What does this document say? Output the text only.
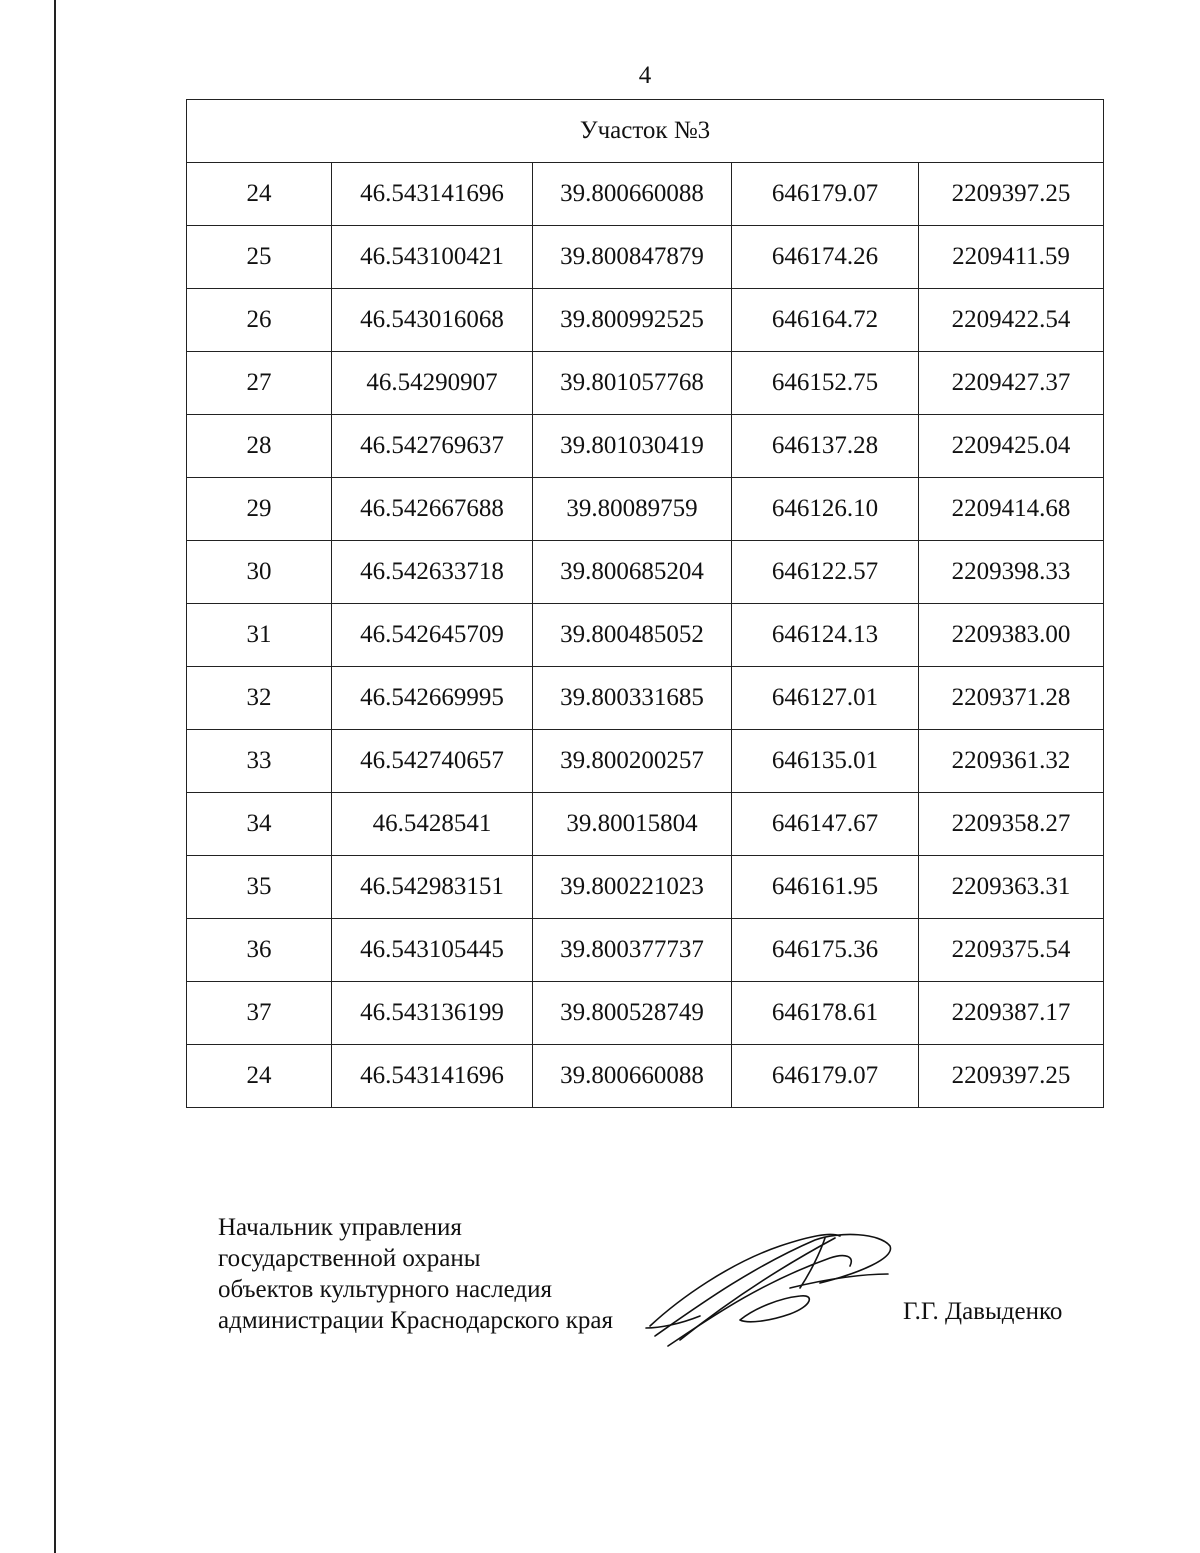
4
Участок №3				
24	46.543141696	39.800660088	646179.07	2209397.25
25	46.543100421	39.800847879	646174.26	2209411.59
26	46.543016068	39.800992525	646164.72	2209422.54
27	46.54290907	39.801057768	646152.75	2209427.37
28	46.542769637	39.801030419	646137.28	2209425.04
29	46.542667688	39.80089759	646126.10	2209414.68
30	46.542633718	39.800685204	646122.57	2209398.33
31	46.542645709	39.800485052	646124.13	2209383.00
32	46.542669995	39.800331685	646127.01	2209371.28
33	46.542740657	39.800200257	646135.01	2209361.32
34	46.5428541	39.80015804	646147.67	2209358.27
35	46.542983151	39.800221023	646161.95	2209363.31
36	46.543105445	39.800377737	646175.36	2209375.54
37	46.543136199	39.800528749	646178.61	2209387.17
24	46.543141696	39.800660088	646179.07	2209397.25
Начальник управления
государственной охраны
объектов культурного наследия
администрации Краснодарского края	Г.Г. Давыденко
